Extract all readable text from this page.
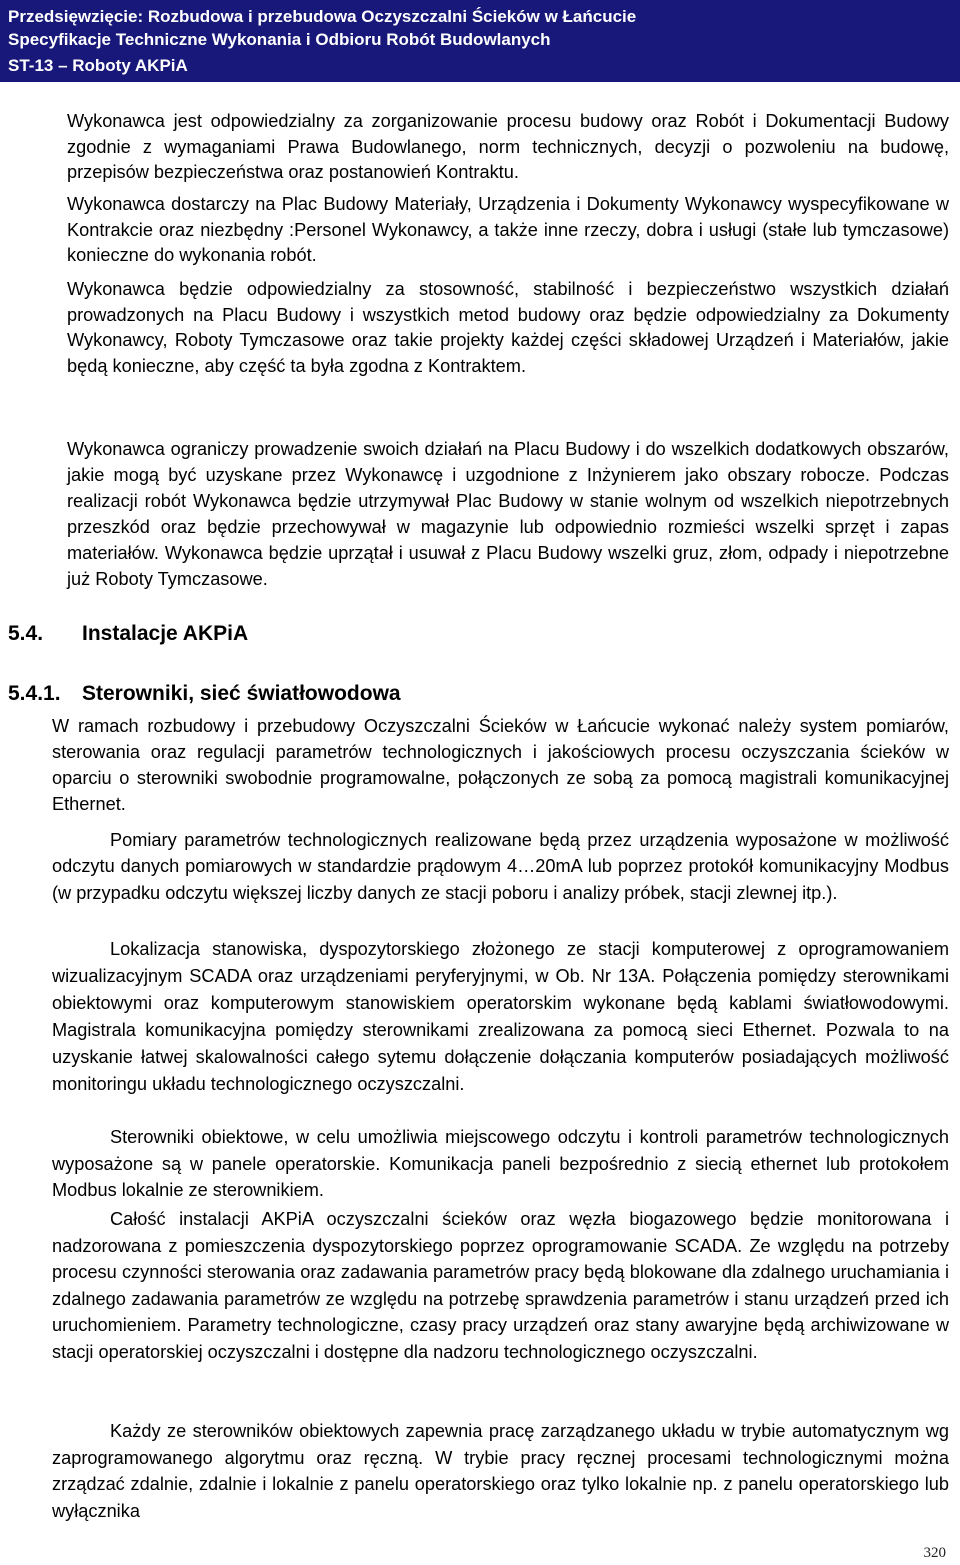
Przedsięwzięcie: Rozbudowa i przebudowa Oczyszczalni Ścieków w Łańcucie
Specyfikacje Techniczne Wykonania i Odbioru Robót Budowlanych
ST-13 – Roboty AKPiA

Wykonawca jest odpowiedzialny za zorganizowanie procesu budowy oraz Robót i Dokumentacji Budowy zgodnie z wymaganiami Prawa Budowlanego, norm technicznych, decyzji o pozwoleniu na budowę, przepisów bezpieczeństwa oraz postanowień Kontraktu.

Wykonawca dostarczy na Plac Budowy Materiały, Urządzenia i Dokumenty Wykonawcy wyspecyfikowane w Kontrakcie oraz niezbędny :Personel Wykonawcy, a także inne rzeczy, dobra i usługi (stałe lub tymczasowe) konieczne do wykonania robót.

Wykonawca będzie odpowiedzialny za stosowność, stabilność i bezpieczeństwo wszystkich działań prowadzonych na Placu Budowy i wszystkich metod budowy oraz będzie odpowiedzialny za Dokumenty Wykonawcy, Roboty Tymczasowe oraz takie projekty każdej części składowej Urządzeń i Materiałów, jakie będą konieczne, aby część ta była zgodna z Kontraktem.

Wykonawca ograniczy prowadzenie swoich działań na Placu Budowy i do wszelkich dodatkowych obszarów, jakie mogą być uzyskane przez Wykonawcę i uzgodnione z Inżynierem jako obszary robocze. Podczas realizacji robót Wykonawca będzie utrzymywał Plac Budowy w stanie wolnym od wszelkich niepotrzebnych przeszkód oraz będzie przechowywał w magazynie lub odpowiednio rozmieści wszelki sprzęt i zapas materiałów. Wykonawca będzie uprzątał i usuwał z Placu Budowy wszelki gruz, złom, odpady i niepotrzebne już Roboty Tymczasowe.

5.4. Instalacje AKPiA
5.4.1. Sterowniki, sieć światłowodowa

W ramach rozbudowy i przebudowy Oczyszczalni Ścieków w Łańcucie wykonać należy system pomiarów, sterowania oraz regulacji parametrów technologicznych i jakościowych procesu oczyszczania ścieków w oparciu o sterowniki swobodnie programowalne, połączonych ze sobą za pomocą magistrali komunikacyjnej Ethernet.

Pomiary parametrów technologicznych realizowane będą przez urządzenia wyposażone w możliwość odczytu danych pomiarowych w standardzie prądowym 4…20mA lub poprzez protokół komunikacyjny Modbus (w przypadku odczytu większej liczby danych ze stacji poboru i analizy próbek, stacji zlewnej itp.).

Lokalizacja stanowiska, dyspozytorskiego złożonego ze stacji komputerowej z oprogramowaniem wizualizacyjnym SCADA oraz urządzeniami peryferyjnymi, w Ob. Nr 13A. Połączenia pomiędzy sterownikami obiektowymi oraz komputerowym stanowiskiem operatorskim wykonane będą kablami światłowodowymi. Magistrala komunikacyjna pomiędzy sterownikami zrealizowana za pomocą sieci Ethernet. Pozwala to na uzyskanie łatwej skalowalności całego sytemu dołączenie dołączania komputerów posiadających możliwość monitoringu układu technologicznego oczyszczalni.

Sterowniki obiektowe, w celu umożliwia miejscowego odczytu i kontroli parametrów technologicznych wyposażone są w panele operatorskie. Komunikacja paneli bezpośrednio z siecią ethernet lub protokołem Modbus lokalnie ze sterownikiem.

Całość instalacji AKPiA oczyszczalni ścieków oraz węzła biogazowego będzie monitorowana i nadzorowana z pomieszczenia dyspozytorskiego poprzez oprogramowanie SCADA. Ze względu na potrzeby procesu czynności sterowania oraz zadawania parametrów pracy będą blokowane dla zdalnego uruchamiania i zdalnego zadawania parametrów ze względu na potrzebę sprawdzenia parametrów i stanu urządzeń przed ich uruchomieniem. Parametry technologiczne, czasy pracy urządzeń oraz stany awaryjne będą archiwizowane w stacji operatorskiej oczyszczalni i dostępne dla nadzoru technologicznego oczyszczalni.

Każdy ze sterowników obiektowych zapewnia pracę zarządzanego układu w trybie automatycznym wg zaprogramowanego algorytmu oraz ręczną. W trybie pracy ręcznej procesami technologicznymi można zrządzać zdalnie, zdalnie i lokalnie z panelu operatorskiego oraz tylko lokalnie np. z panelu operatorskiego lub wyłącznika

320
